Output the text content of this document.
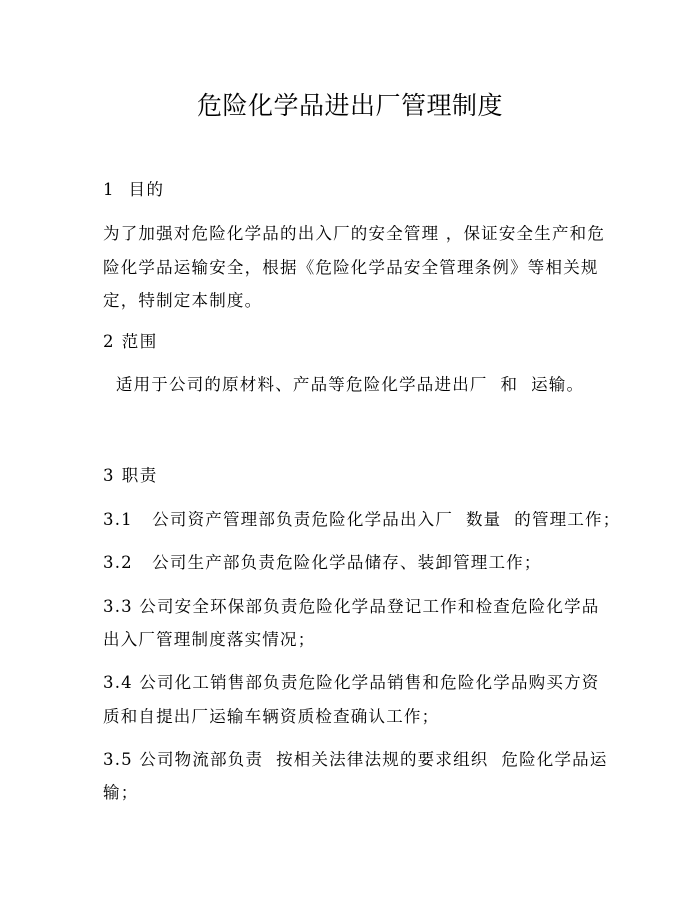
危险化学品进出厂管理制度
1  目的
为了加强对危险化学品的出入厂的安全管理 ，保证安全生产和危
险化学品运输安全，根据《危险化学品安全管理条例》等相关规
定，特制定本制度。
2 范围
适用于公司的原材料、产品等危险化学品进出厂  和  运输。
3 职责
3.1   公司资产管理部负责危险化学品出入厂  数量  的管理工作；
3.2   公司生产部负责危险化学品储存、装卸管理工作；
3.3 公司安全环保部负责危险化学品登记工作和检查危险化学品
出入厂管理制度落实情况；
3.4 公司化工销售部负责危险化学品销售和危险化学品购买方资
质和自提出厂运输车辆资质检查确认工作；
3.5 公司物流部负责  按相关法律法规的要求组织  危险化学品运
输；
